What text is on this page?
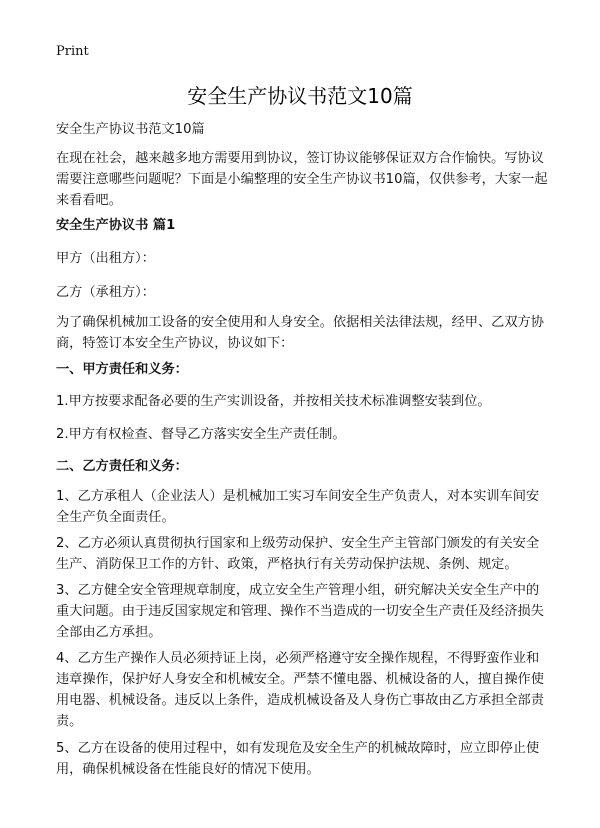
Print
安全生产协议书范文10篇

安全生产协议书范文10篇

在现在社会，越来越多地方需要用到协议，签订协议能够保证双方合作愉快。写协议需要注意哪些问题呢？下面是小编整理的安全生产协议书10篇，仅供参考，大家一起来看看吧。

安全生产协议书 篇1

甲方（出租方）：

乙方（承租方）：

为了确保机械加工设备的安全使用和人身安全。依据相关法律法规，经甲、乙双方协商，特签订本安全生产协议，协议如下：

一、甲方责任和义务：

1.甲方按要求配备必要的生产实训设备，并按相关技术标准调整安装到位。

2.甲方有权检查、督导乙方落实安全生产责任制。

二、乙方责任和义务：

1、乙方承租人（企业法人）是机械加工实习车间安全生产负责人，对本实训车间安全生产负全面责任。

2、乙方必须认真贯彻执行国家和上级劳动保护、安全生产主管部门颁发的有关安全生产、消防保卫工作的方针、政策，严格执行有关劳动保护法规、条例、规定。

3、乙方健全安全管理规章制度，成立安全生产管理小组，研究解决关安全生产中的重大问题。由于违反国家规定和管理、操作不当造成的一切安全生产责任及经济损失全部由乙方承担。

4、乙方生产操作人员必须持证上岗，必须严格遵守安全操作规程，不得野蛮作业和违章操作，保护好人身安全和机械安全。严禁不懂电器、机械设备的人，擅自操作使用电器、机械设备。违反以上条件，造成机械设备及人身伤亡事故由乙方承担全部责责。

5、乙方在设备的使用过程中，如有发现危及安全生产的机械故障时，应立即停止使用，确保机械设备在性能良好的情况下使用。
